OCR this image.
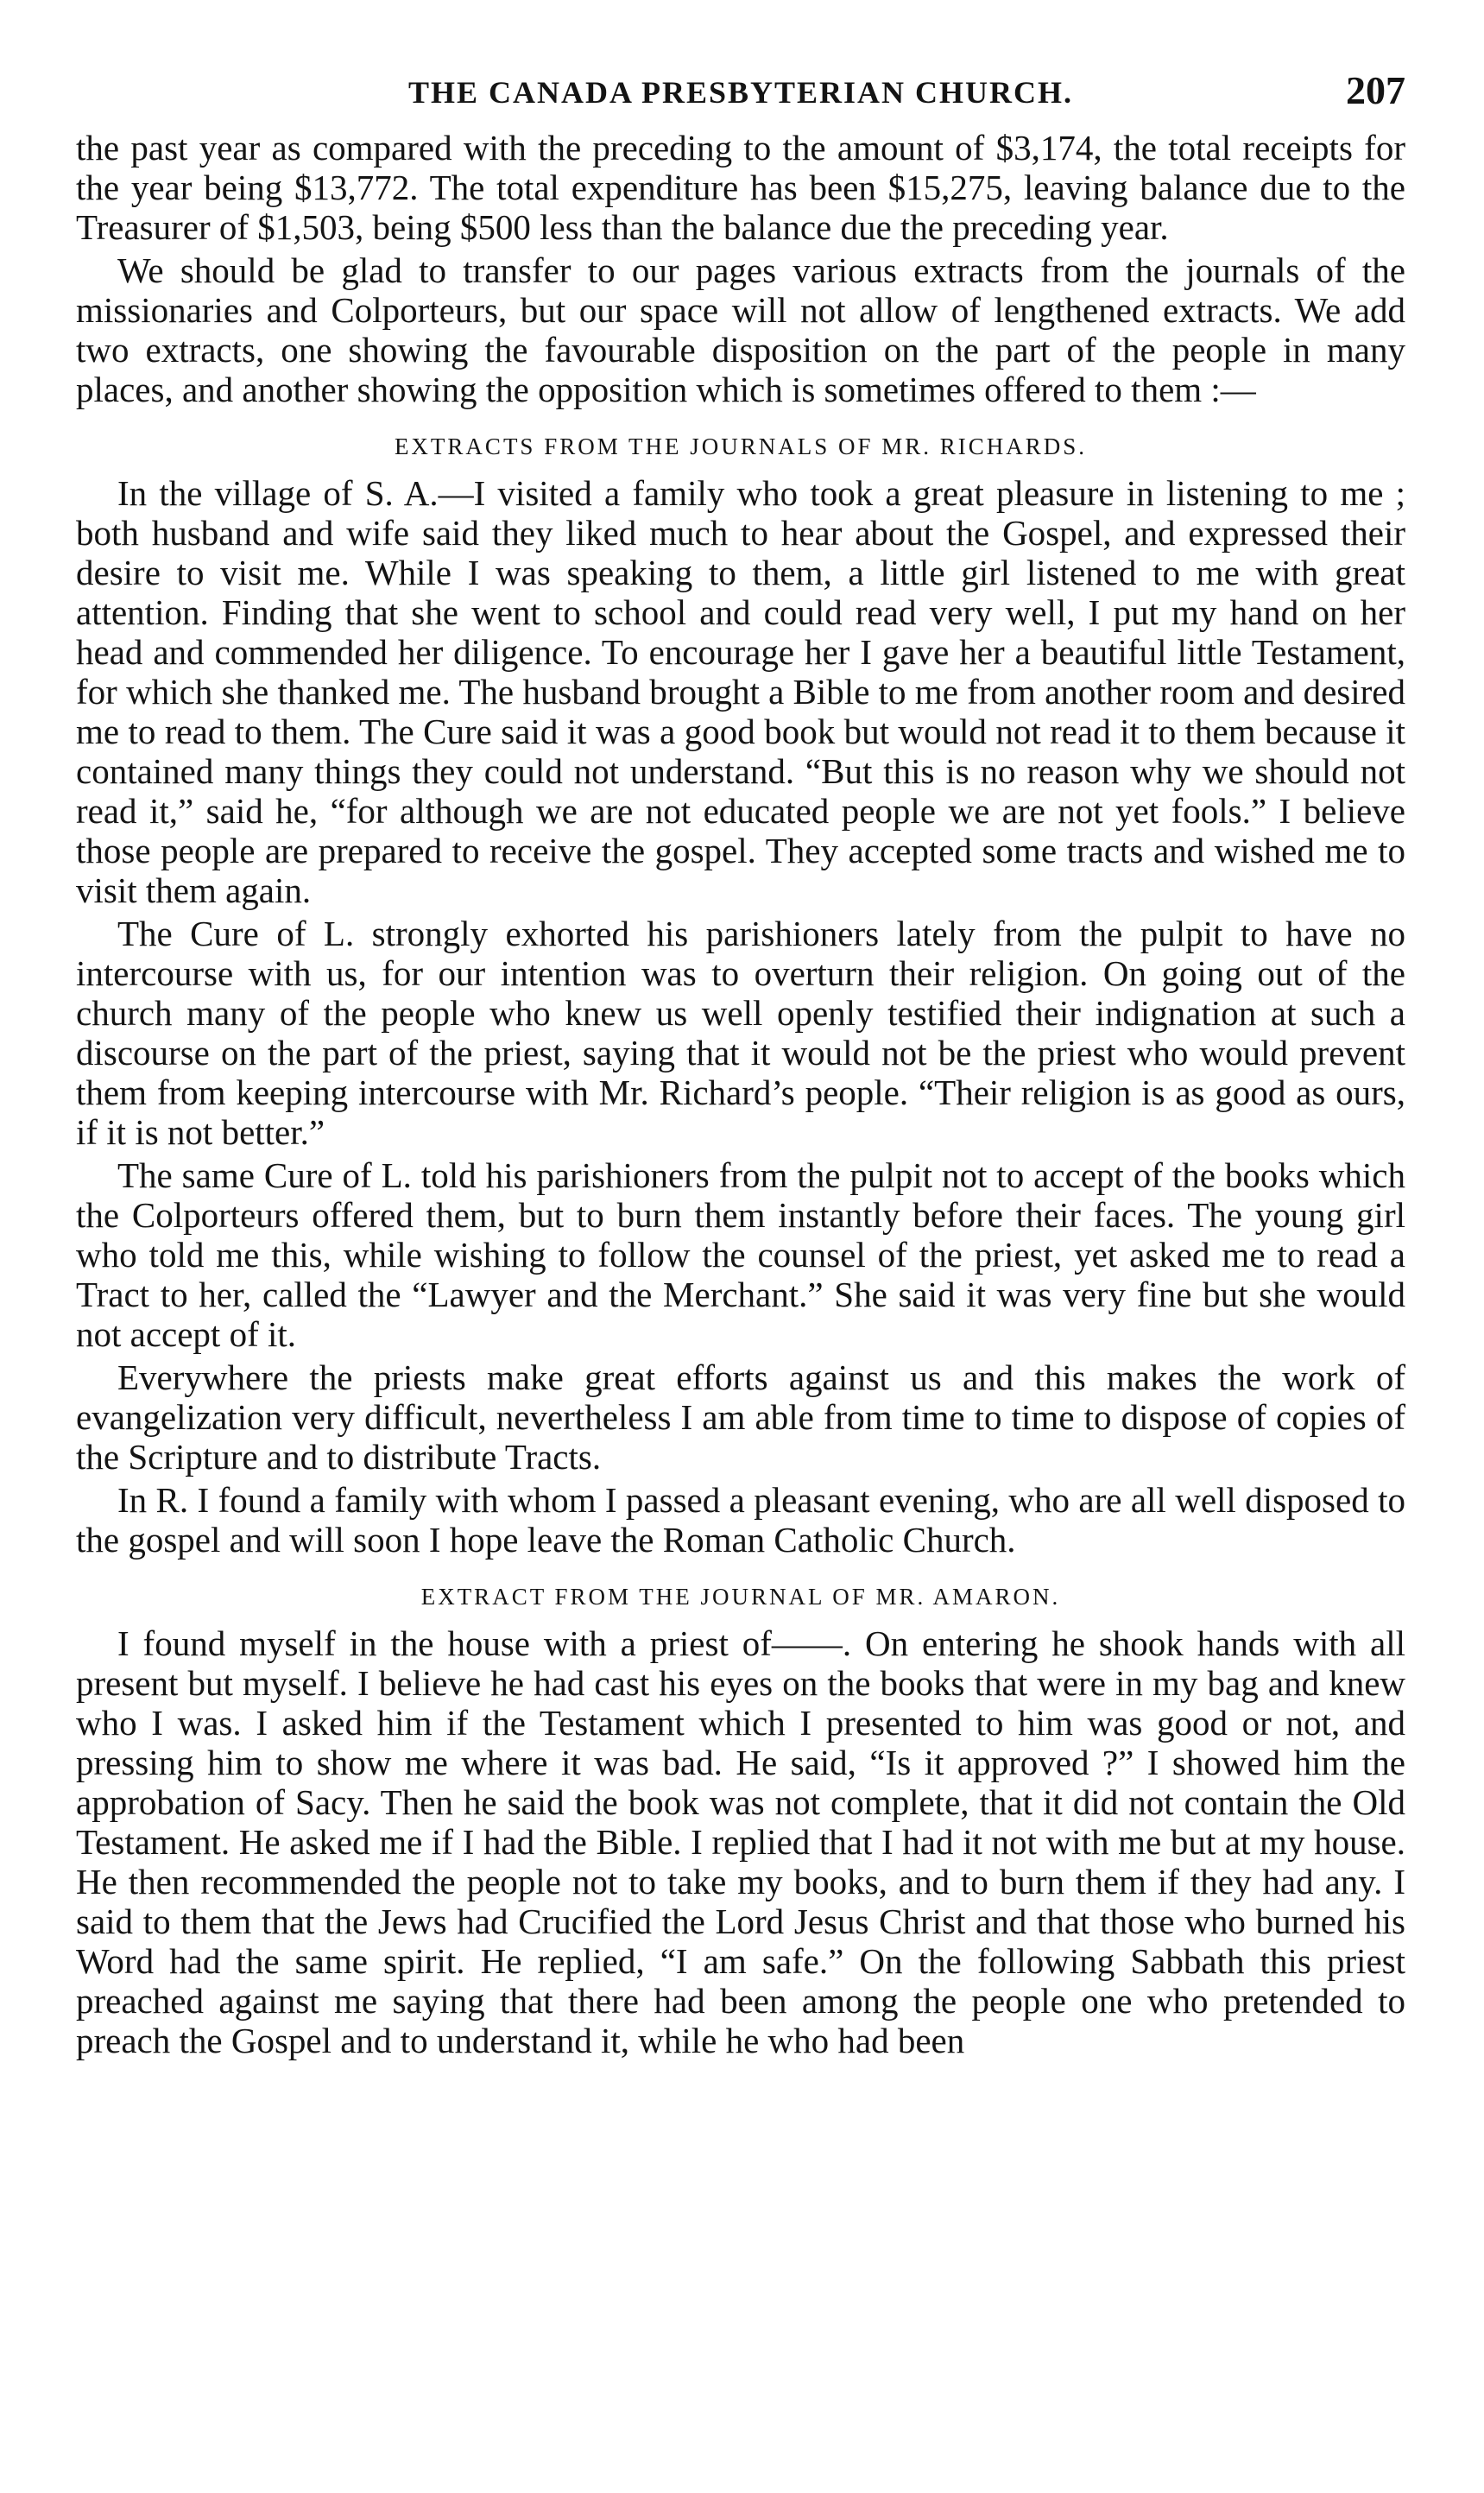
THE CANADA PRESBYTERIAN CHURCH.	207

the past year as compared with the preceding to the amount of $3,174, the total receipts for the year being $13,772. The total expenditure has been $15,275, leaving balance due to the Treasurer of $1,503, being $500 less than the balance due the preceding year.

We should be glad to transfer to our pages various extracts from the journals of the missionaries and Colporteurs, but our space will not allow of lengthened extracts. We add two extracts, one showing the favourable disposition on the part of the people in many places, and another showing the opposition which is sometimes offered to them :—

EXTRACTS FROM THE JOURNALS OF MR. RICHARDS.

In the village of S. A.—I visited a family who took a great pleasure in listening to me ; both husband and wife said they liked much to hear about the Gospel, and expressed their desire to visit me. While I was speaking to them, a little girl listened to me with great attention. Finding that she went to school and could read very well, I put my hand on her head and commended her diligence. To encourage her I gave her a beautiful little Testament, for which she thanked me. The husband brought a Bible to me from another room and desired me to read to them. The Cure said it was a good book but would not read it to them because it contained many things they could not understand. “But this is no reason why we should not read it,” said he, “for although we are not educated people we are not yet fools.” I believe those people are prepared to receive the gospel. They accepted some tracts and wished me to visit them again.

The Cure of L. strongly exhorted his parishioners lately from the pulpit to have no intercourse with us, for our intention was to overturn their religion. On going out of the church many of the people who knew us well openly testified their indignation at such a discourse on the part of the priest, saying that it would not be the priest who would prevent them from keeping intercourse with Mr. Richard’s people. “Their religion is as good as ours, if it is not better.”

The same Cure of L. told his parishioners from the pulpit not to accept of the books which the Colporteurs offered them, but to burn them instantly before their faces. The young girl who told me this, while wishing to follow the counsel of the priest, yet asked me to read a Tract to her, called the “Lawyer and the Merchant.” She said it was very fine but she would not accept of it.

Everywhere the priests make great efforts against us and this makes the work of evangelization very difficult, nevertheless I am able from time to time to dispose of copies of the Scripture and to distribute Tracts.

In R. I found a family with whom I passed a pleasant evening, who are all well disposed to the gospel and will soon I hope leave the Roman Catholic Church.

EXTRACT FROM THE JOURNAL OF MR. AMARON.

I found myself in the house with a priest of——. On entering he shook hands with all present but myself. I believe he had cast his eyes on the books that were in my bag and knew who I was. I asked him if the Testament which I presented to him was good or not, and pressing him to show me where it was bad. He said, “Is it approved ?” I showed him the approbation of Sacy. Then he said the book was not complete, that it did not contain the Old Testament. He asked me if I had the Bible. I replied that I had it not with me but at my house. He then recommended the people not to take my books, and to burn them if they had any. I said to them that the Jews had Crucified the Lord Jesus Christ and that those who burned his Word had the same spirit. He replied, “I am safe.” On the following Sabbath this priest preached against me saying that there had been among the people one who pretended to preach the Gospel and to understand it, while he who had been
